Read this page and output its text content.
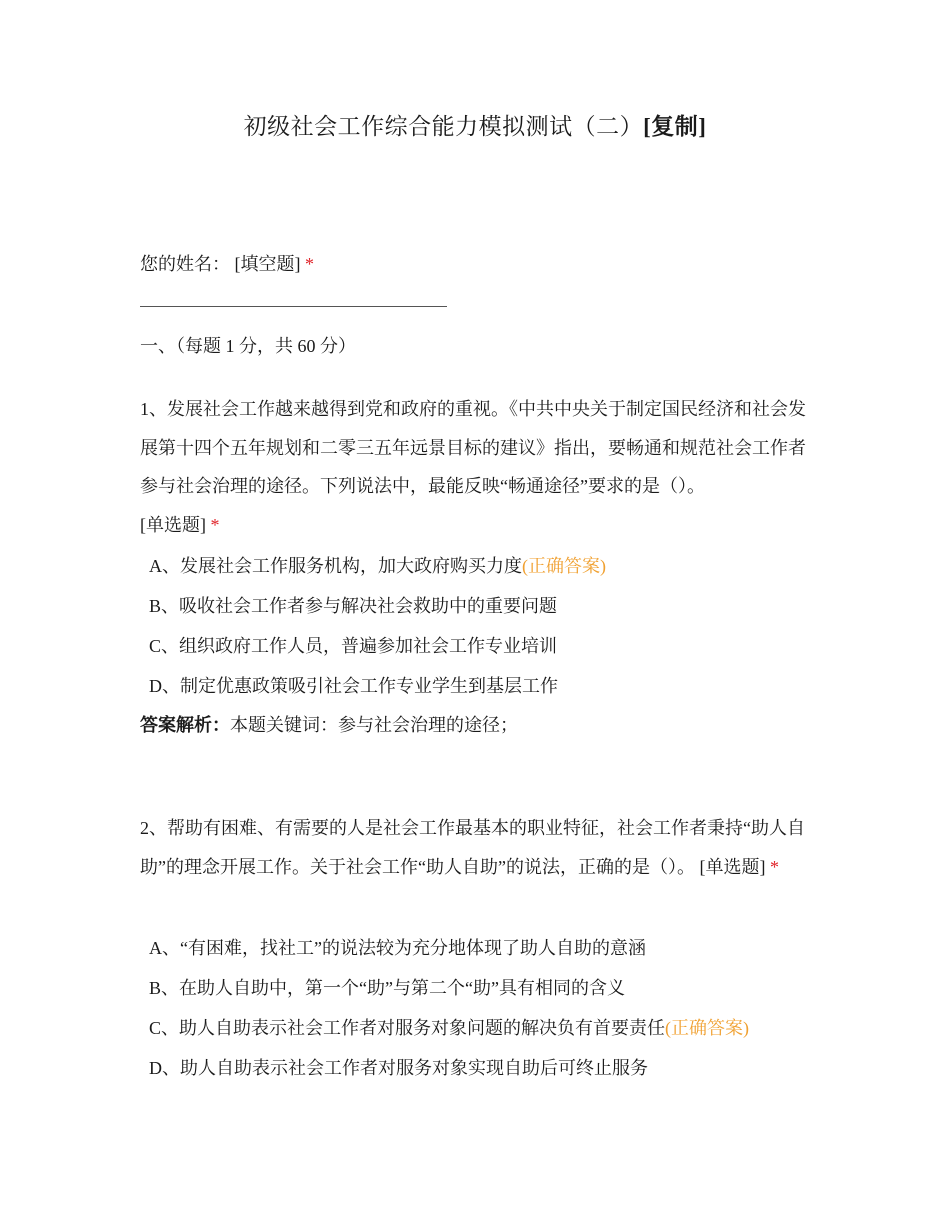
初级社会工作综合能力模拟测试（二）[复制]
您的姓名： [填空题] *
一、（每题 1 分，共 60 分）
1、发展社会工作越来越得到党和政府的重视。《中共中央关于制定国民经济和社会发展第十四个五年规划和二零三五年远景目标的建议》指出，要畅通和规范社会工作者参与社会治理的途径。下列说法中，最能反映“畅通途径”要求的是（）。
[单选题] *
A、发展社会工作服务机构，加大政府购买力度(正确答案)
B、吸收社会工作者参与解决社会救助中的重要问题
C、组织政府工作人员，普遍参加社会工作专业培训
D、制定优惠政策吸引社会工作专业学生到基层工作
答案解析：本题关键词：参与社会治理的途径；
2、帮助有困难、有需要的人是社会工作最基本的职业特征，社会工作者秉持“助人自助”的理念开展工作。关于社会工作“助人自助”的说法，正确的是（）。 [单选题] *
A、“有困难，找社工”的说法较为充分地体现了助人自助的意涵
B、在助人自助中，第一个“助”与第二个“助”具有相同的含义
C、助人自助表示社会工作者对服务对象问题的解决负有首要责任(正确答案)
D、助人自助表示社会工作者对服务对象实现自助后可终止服务
